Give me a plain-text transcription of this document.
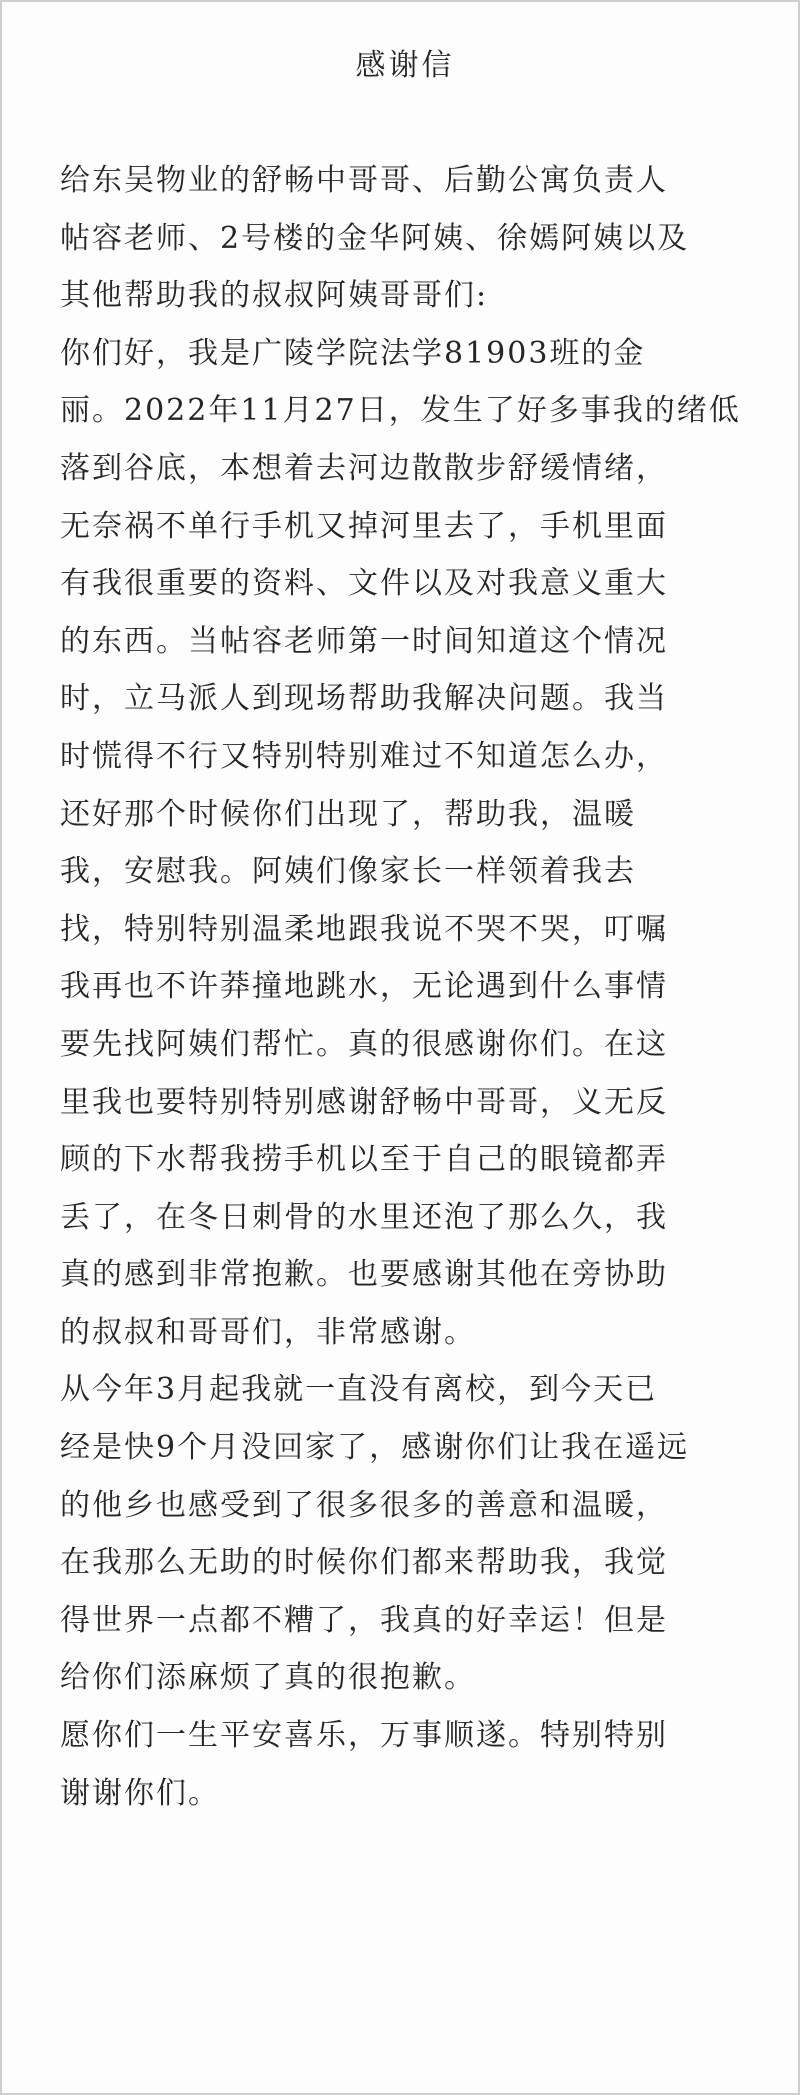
感谢信

给东吴物业的舒畅中哥哥、后勤公寓负责人

帖容老师、2号楼的金华阿姨、徐嫣阿姨以及

其他帮助我的叔叔阿姨哥哥们:

你们好，我是广陵学院法学81903班的金

丽。2022年11月27日，发生了好多事我的绪低

落到谷底，本想着去河边散散步舒缓情绪，

无奈祸不单行手机又掉河里去了，手机里面

有我很重要的资料、文件以及对我意义重大

的东西。当帖容老师第一时间知道这个情况

时，立马派人到现场帮助我解决问题。我当

时慌得不行又特别特别难过不知道怎么办，

还好那个时候你们出现了，帮助我，温暖

我，安慰我。阿姨们像家长一样领着我去

找，特别特别温柔地跟我说不哭不哭，叮嘱

我再也不许莽撞地跳水，无论遇到什么事情

要先找阿姨们帮忙。真的很感谢你们。在这

里我也要特别特别感谢舒畅中哥哥，义无反

顾的下水帮我捞手机以至于自己的眼镜都弄

丢了，在冬日刺骨的水里还泡了那么久，我

真的感到非常抱歉。也要感谢其他在旁协助

的叔叔和哥哥们，非常感谢。

从今年3月起我就一直没有离校，到今天已

经是快9个月没回家了，感谢你们让我在遥远

的他乡也感受到了很多很多的善意和温暖，

在我那么无助的时候你们都来帮助我，我觉

得世界一点都不糟了，我真的好幸运！但是

给你们添麻烦了真的很抱歉。

愿你们一生平安喜乐，万事顺遂。特别特别

谢谢你们。
